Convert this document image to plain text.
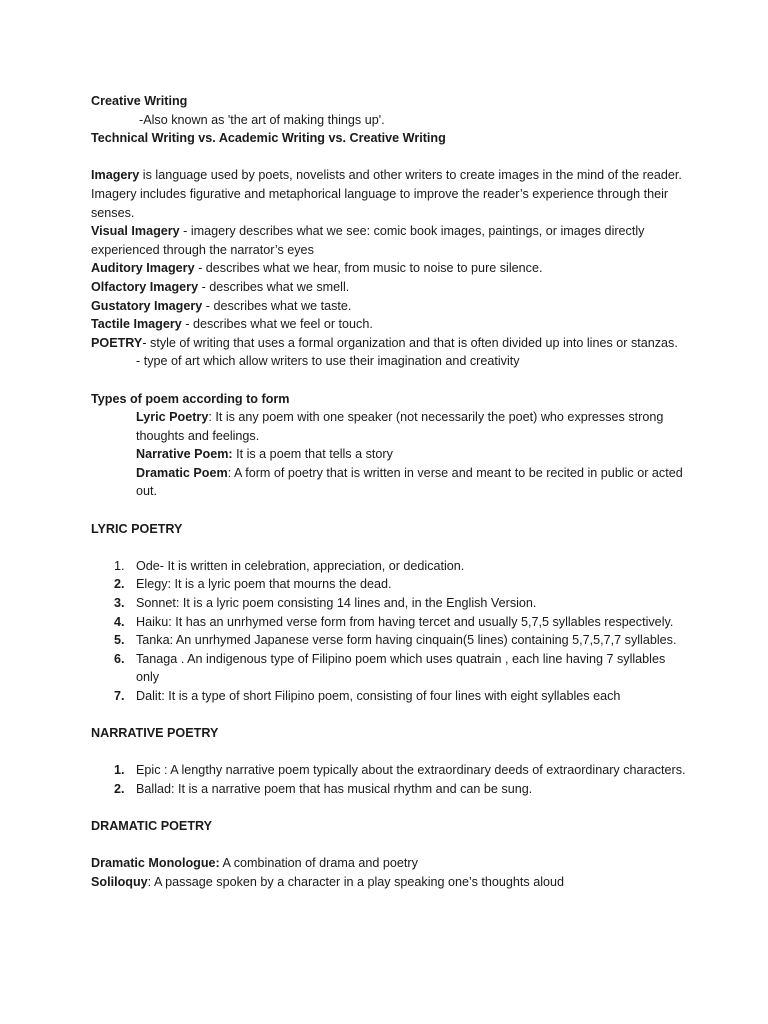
Creative Writing

-Also known as 'the art of making things up'.

Technical Writing vs. Academic Writing vs. Creative Writing

Imagery is language used by poets, novelists and other writers to create images in the mind of the reader. Imagery includes figurative and metaphorical language to improve the reader’s experience through their senses.

Visual Imagery - imagery describes what we see: comic book images, paintings, or images directly experienced through the narrator’s eyes

Auditory Imagery - describes what we hear, from music to noise to pure silence.

Olfactory Imagery - describes what we smell.

Gustatory Imagery - describes what we taste.

Tactile Imagery - describes what we feel or touch.

POETRY- style of writing that uses a formal organization and that is often divided up into lines or stanzas.

- type of art which allow writers to use their imagination and creativity

Types of poem according to form

Lyric Poetry: It is any poem with one speaker (not necessarily the poet) who expresses strong thoughts and feelings.

Narrative Poem: It is a poem that tells a story

Dramatic Poem: A form of poetry that is written in verse and meant to be recited in public or acted out.

LYRIC POETRY

1. Ode- It is written in celebration, appreciation, or dedication.
2. Elegy: It is a lyric poem that mourns the dead.
3. Sonnet: It is a lyric poem consisting 14 lines and, in the English Version.
4. Haiku: It has an unrhymed verse form from having tercet and usually 5,7,5 syllables respectively.
5. Tanka: An unrhymed Japanese verse form having cinquain(5 lines) containing 5,7,5,7,7 syllables.
6. Tanaga . An indigenous type of Filipino poem which uses quatrain , each line having 7 syllables only
7. Dalit: It is a type of short Filipino poem, consisting of four lines with eight syllables each

NARRATIVE POETRY

1. Epic : A lengthy narrative poem typically about the extraordinary deeds of extraordinary characters.
2. Ballad: It is a narrative poem that has musical rhythm and can be sung.

DRAMATIC POETRY

Dramatic Monologue: A combination of drama and poetry

Soliloquy: A passage spoken by a character in a play speaking one’s thoughts aloud
